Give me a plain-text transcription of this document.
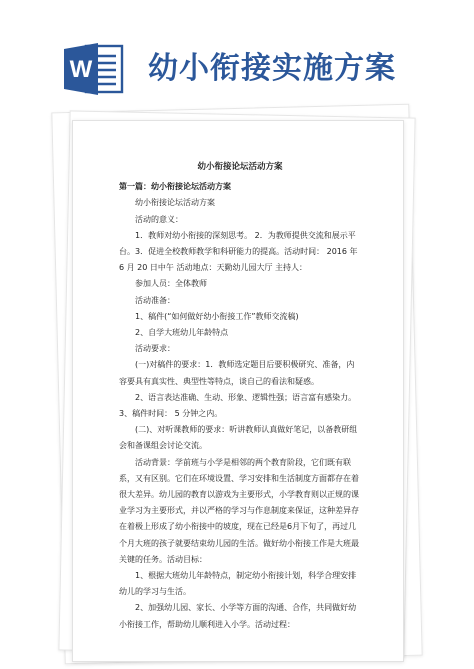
W 幼小衔接实施方案

幼小衔接论坛活动方案

第一篇：幼小衔接论坛活动方案

幼小衔接论坛活动方案

活动的意义：

1．教师对幼小衔接的深刻思考。 2．为教师提供交流和展示平台。3．促进全校教师教学和科研能力的提高。活动时间： 2016 年 6 月 20 日中午 活动地点：天勤幼儿园大厅 主持人：

参加人员：全体教师

活动准备：

1、稿件(“如何做好幼小衔接工作”教师交流稿)

2、自学大班幼儿年龄特点

活动要求：

(一)对稿件的要求：1．教师选定题目后要积极研究、准备，内容要具有真实性、典型性等特点，谈自己的看法和疑惑。

2、语言表达准确、生动、形象、逻辑性强；语言富有感染力。 3、稿件时间： 5 分钟之内。

(二)、对听课教师的要求：听讲教师认真做好笔记，以备教研组会和备课组会讨论交流。

活动背景：学前班与小学是相邻的两个教育阶段，它们既有联系，又有区别。它们在环境设置、学习安排和生活制度方面都存在着很大差异。幼儿园的教育以游戏为主要形式，小学教育则以正规的课业学习为主要形式，并以严格的学习与作息制度来保证，这种差异存在着极上形成了幼小衔接中的坡度，现在已经是6月下旬了，再过几个月大班的孩子就要结束幼儿园的生活。做好幼小衔接工作是大班最关键的任务。活动目标：

1、根据大班幼儿年龄特点，制定幼小衔接计划，科学合理安排幼儿的学习与生活。

2、加强幼儿园、家长、小学等方面的沟通、合作，共同做好幼小衔接工作，帮助幼儿顺利进入小学。活动过程：
